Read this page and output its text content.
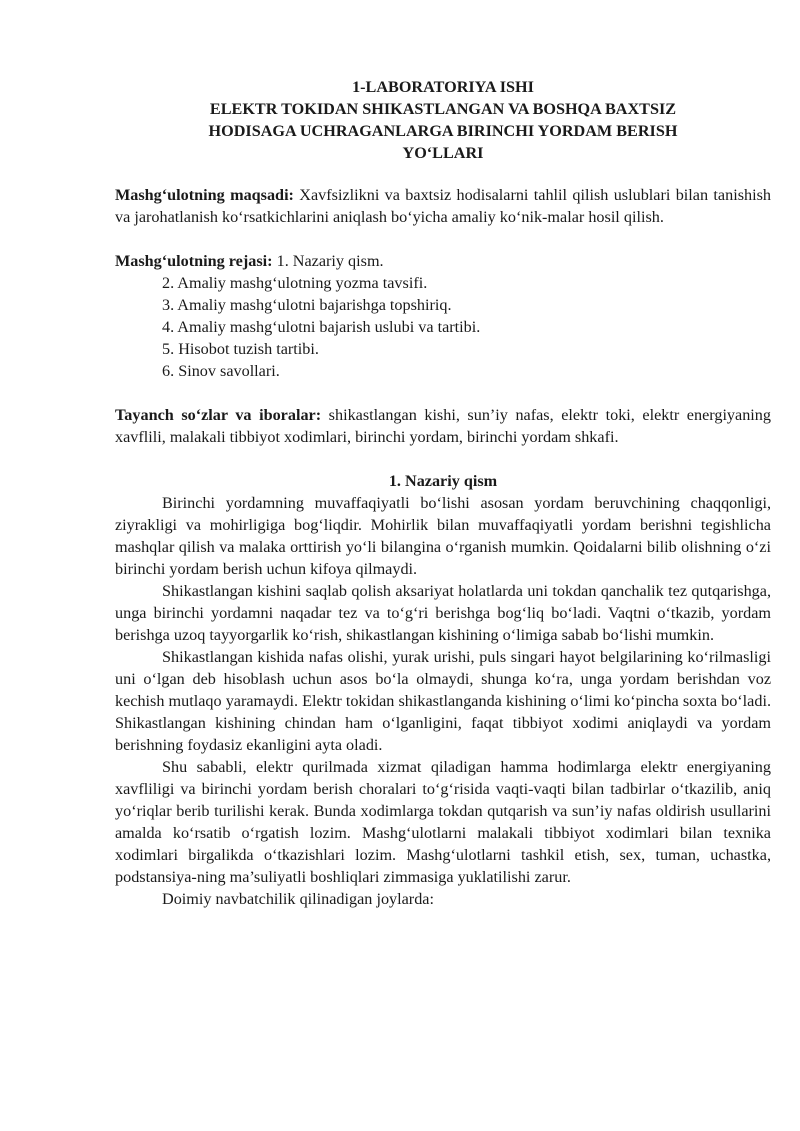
1-LABORATORIYA ISHI
ELEKTR TOKIDAN SHIKASTLANGAN VA BOSHQA BAXTSIZ
HODISAGA UCHRAGANLARGA BIRINCHI YORDAM BERISH
YO‘LLARI

Mashg‘ulotning maqsadi: Xavfsizlikni va baxtsiz hodisalarni tahlil qilish uslublari bilan tanishish va jarohatlanish ko‘rsatkichlarini aniqlash bo‘yicha amaliy ko‘nik-malar hosil qilish.

Mashg‘ulotning rejasi: 1. Nazariy qism.

2. Amaliy mashg‘ulotning yozma tavsifi.
3. Amaliy mashg‘ulotni bajarishga topshiriq.
4. Amaliy mashg‘ulotni bajarish uslubi va tartibi.
5. Hisobot tuzish tartibi.
6. Sinov savollari.

Tayanch so‘zlar va iboralar: shikastlangan kishi, sun’iy nafas, elektr toki, elektr energiyaning xavflili, malakali tibbiyot xodimlari, birinchi yordam, birinchi yordam shkafi.

1. Nazariy qism

Birinchi yordamning muvaffaqiyatli bo‘lishi asosan yordam beruvchining chaqqonligi, ziyrakligi va mohirligiga bog‘liqdir. Mohirlik bilan muvaffaqiyatli yordam berishni tegishlicha mashqlar qilish va malaka orttirish yo‘li bilangina o‘rganish mumkin. Qoidalarni bilib olishning o‘zi birinchi yordam berish uchun kifoya qilmaydi.

Shikastlangan kishini saqlab qolish aksariyat holatlarda uni tokdan qanchalik tez qutqarishga, unga birinchi yordamni naqadar tez va to‘g‘ri berishga bog‘liq bo‘ladi. Vaqtni o‘tkazib, yordam berishga uzoq tayyorgarlik ko‘rish, shikastlangan kishining o‘limiga sabab bo‘lishi mumkin.

Shikastlangan kishida nafas olishi, yurak urishi, puls singari hayot belgilarining ko‘rilmasligi uni o‘lgan deb hisoblash uchun asos bo‘la olmaydi, shunga ko‘ra, unga yordam berishdan voz kechish mutlaqo yaramaydi. Elektr tokidan shikastlanganda kishining o‘limi ko‘pincha soxta bo‘ladi. Shikastlangan kishining chindan ham o‘lganligini, faqat tibbiyot xodimi aniqlaydi va yordam berishning foydasiz ekanligini ayta oladi.

Shu sababli, elektr qurilmada xizmat qiladigan hamma hodimlarga elektr energiyaning xavfliligi va birinchi yordam berish choralari to‘g‘risida vaqti-vaqti bilan tadbirlar o‘tkazilib, aniq yo‘riqlar berib turilishi kerak. Bunda xodimlarga tokdan qutqarish va sun’iy nafas oldirish usullarini amalda ko‘rsatib o‘rgatish lozim. Mashg‘ulotlarni malakali tibbiyot xodimlari bilan texnika xodimlari birgalikda o‘tkazishlari lozim. Mashg‘ulotlarni tashkil etish, sex, tuman, uchastka, podstansiya-ning ma’suliyatli boshliqlari zimmasiga yuklatilishi zarur.

Doimiy navbatchilik qilinadigan joylarda:
